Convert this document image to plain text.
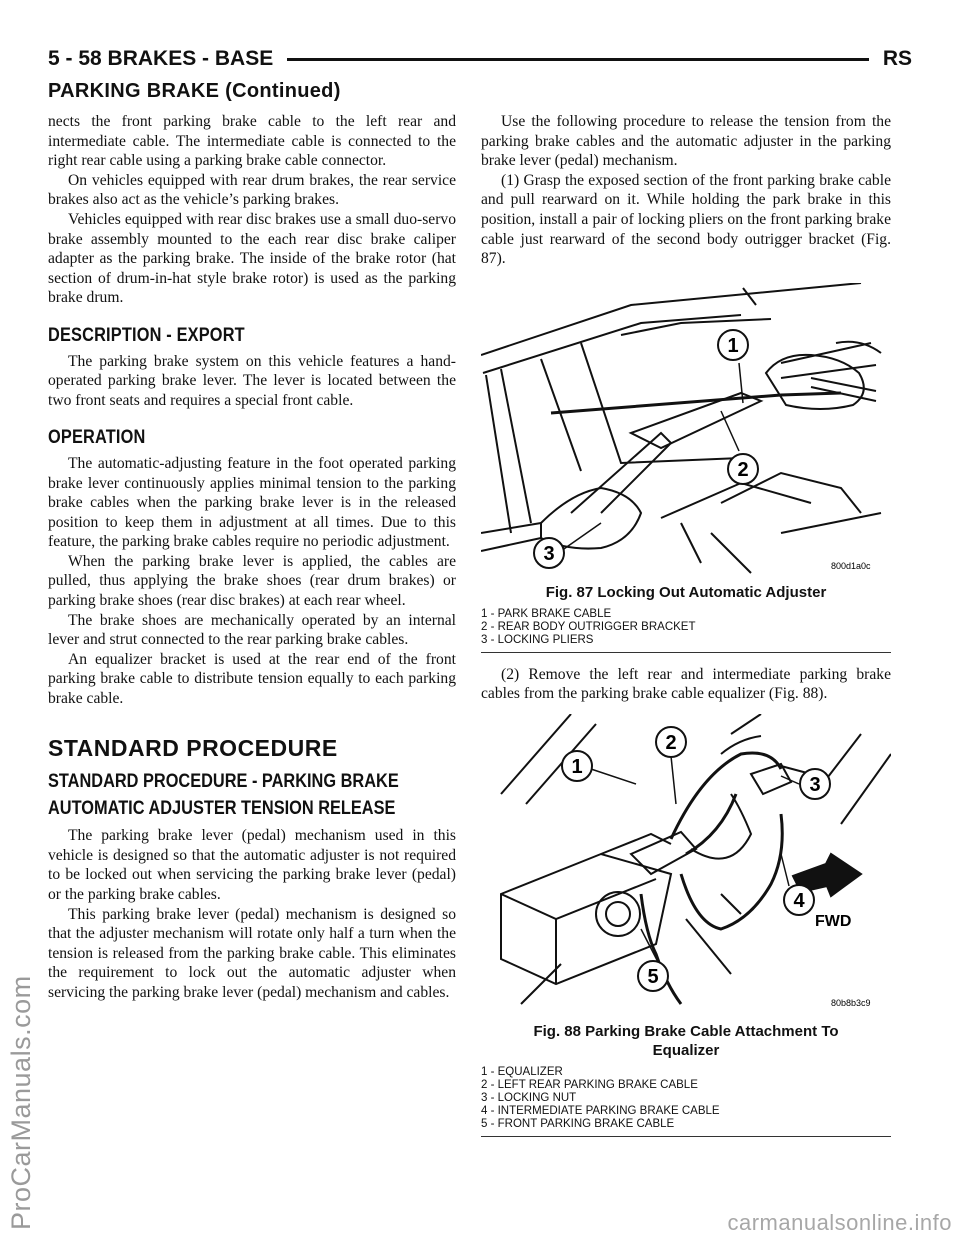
ProCarManuals.com	carmanualsonline.info
5 - 58 BRAKES - BASE	RS
PARKING BRAKE (Continued)

nects the front parking brake cable to the left rear and intermediate cable. The intermediate cable is connected to the right rear cable using a parking brake cable connector.

On vehicles equipped with rear drum brakes, the rear service brakes also act as the vehicle’s parking brakes.

Vehicles equipped with rear disc brakes use a small duo-servo brake assembly mounted to the each rear disc brake caliper adapter as the parking brake. The inside of the brake rotor (hat section of drum-in-hat style brake rotor) is used as the parking brake drum.

DESCRIPTION - EXPORT

The parking brake system on this vehicle features a hand-operated parking brake lever. The lever is located between the two front seats and requires a special front cable.

OPERATION

The automatic-adjusting feature in the foot operated parking brake lever continuously applies minimal tension to the parking brake cables when the parking brake lever is in the released position to keep them in adjustment at all times. Due to this feature, the parking brake cables require no periodic adjustment.

When the parking brake lever is applied, the cables are pulled, thus applying the brake shoes (rear drum brakes) or parking brake shoes (rear disc brakes) at each rear wheel.

The brake shoes are mechanically operated by an internal lever and strut connected to the rear parking brake cables.

An equalizer bracket is used at the rear end of the front parking brake cable to distribute tension equally to each parking brake cable.

STANDARD PROCEDURE
STANDARD PROCEDURE - PARKING BRAKE
AUTOMATIC ADJUSTER TENSION RELEASE

The parking brake lever (pedal) mechanism used in this vehicle is designed so that the automatic adjuster is not required to be locked out when servicing the parking brake lever (pedal) or the parking brake cables.

This parking brake lever (pedal) mechanism is designed so that the adjuster mechanism will rotate only half a turn when the tension is released from the parking brake cable. This eliminates the requirement to lock out the automatic adjuster when servicing the parking brake lever (pedal) mechanism and cables.

Use the following procedure to release the tension from the parking brake cables and the automatic adjuster in the parking brake lever (pedal) mechanism.

(1) Grasp the exposed section of the front parking brake cable and pull rearward on it. While holding the park brake in this position, install a pair of locking pliers on the front parking brake cable just rearward of the second body outrigger bracket (Fig. 87).

1
2
3
800d1a0c
Fig. 87 Locking Out Automatic Adjuster
1 - PARK BRAKE CABLE
2 - REAR BODY OUTRIGGER BRACKET
3 - LOCKING PLIERS

(2) Remove the left rear and intermediate parking brake cables from the parking brake cable equalizer (Fig. 88).

1
2
3
4
5
FWD
80b8b3c9
Fig. 88 Parking Brake Cable Attachment To
Equalizer
1 - EQUALIZER
2 - LEFT REAR PARKING BRAKE CABLE
3 - LOCKING NUT
4 - INTERMEDIATE PARKING BRAKE CABLE
5 - FRONT PARKING BRAKE CABLE
